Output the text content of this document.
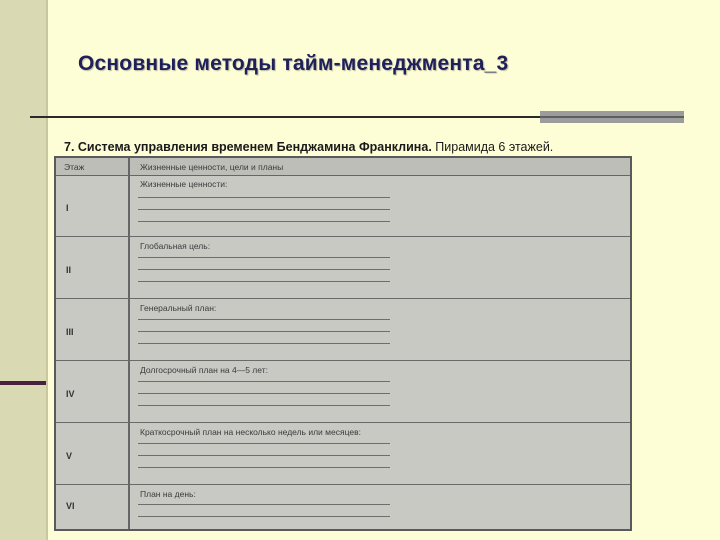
Основные методы тайм-менеджмента_3

7. Система управления временем Бенджамина Франклина. Пирамида 6 этажей.

Этаж	Жизненные ценности, цели и планы
I
Жизненные ценности:
II
Глобальная цель:
III
Генеральный план:
IV
Долгосрочный план на 4—5 лет:
V
Краткосрочный план на несколько недель или месяцев:
VI
План на день:
